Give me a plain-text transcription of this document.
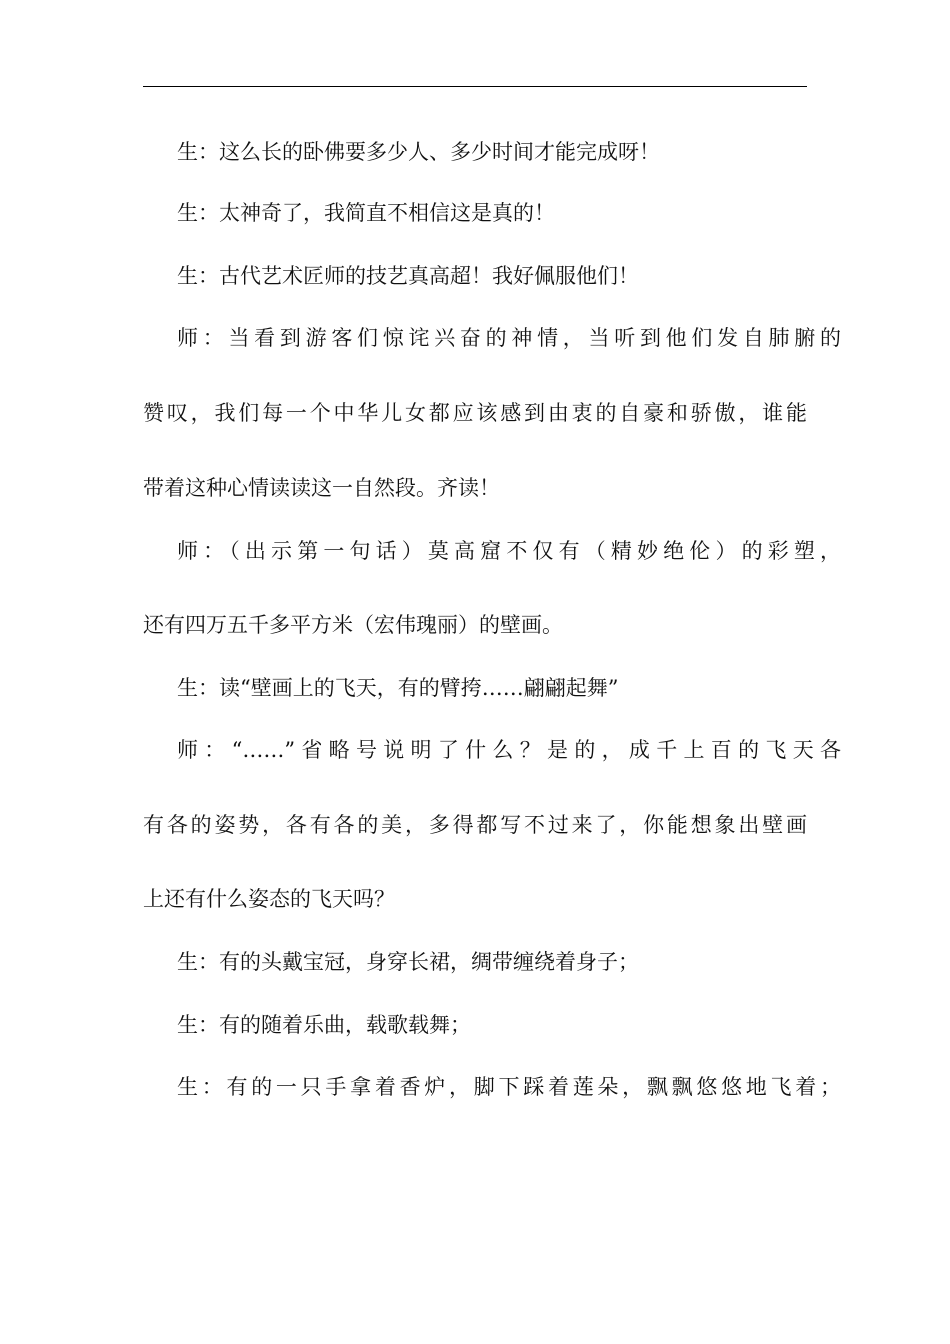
生：这么长的卧佛要多少人、多少时间才能完成呀！
生：太神奇了，我简直不相信这是真的！
生：古代艺术匠师的技艺真高超！我好佩服他们！
师：当看到游客们惊诧兴奋的神情，当听到他们发自肺腑的
赞叹，我们每一个中华儿女都应该感到由衷的自豪和骄傲，谁能
带着这种心情读读这一自然段。齐读！
师：（出示第一句话）莫高窟不仅有（精妙绝伦）的彩塑，
还有四万五千多平方米（宏伟瑰丽）的壁画。
生：读“壁画上的飞天，有的臂挎……翩翩起舞”
师：“……”省略号说明了什么？是的，成千上百的飞天各
有各的姿势，各有各的美，多得都写不过来了，你能想象出壁画
上还有什么姿态的飞天吗？
生：有的头戴宝冠，身穿长裙，绸带缠绕着身子；
生：有的随着乐曲，载歌载舞；
生：有的一只手拿着香炉，脚下踩着莲朵，飘飘悠悠地飞着；
